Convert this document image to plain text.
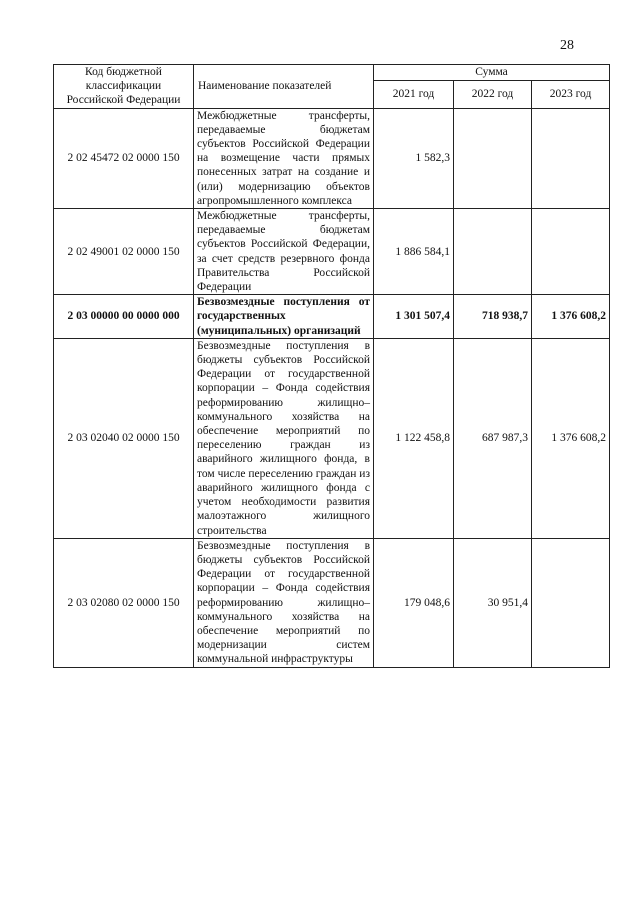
28
Код бюджетной классификации Российской Федерации	Наименование показателей	Сумма		
		2021 год	2022 год	2023 год
2 02 45472 02 0000 150	Межбюджетные трансферты, передаваемые бюджетам субъектов Российской Федерации на возмещение части прямых понесенных затрат на создание и (или) модернизацию объектов агропромышленного комплекса	1 582,3		
2 02 49001 02 0000 150	Межбюджетные трансферты, передаваемые бюджетам субъектов Российской Федерации, за счет средств резервного фонда Правительства Российской Федерации	1 886 584,1		
2 03 00000 00 0000 000	Безвозмездные поступления от государственных (муниципальных) организаций	1 301 507,4	718 938,7	1 376 608,2
2 03 02040 02 0000 150	Безвозмездные поступления в бюджеты субъектов Российской Федерации от государственной корпорации – Фонда содействия реформированию жилищно–коммунального хозяйства на обеспечение мероприятий по переселению граждан из аварийного жилищного фонда, в том числе переселению граждан из аварийного жилищного фонда с учетом необходимости развития малоэтажного жилищного строительства	1 122 458,8	687 987,3	1 376 608,2
2 03 02080 02 0000 150	Безвозмездные поступления в бюджеты субъектов Российской Федерации от государственной корпорации – Фонда содействия реформированию жилищно–коммунального хозяйства на обеспечение мероприятий по модернизации систем коммунальной инфраструктуры	179 048,6	30 951,4	
